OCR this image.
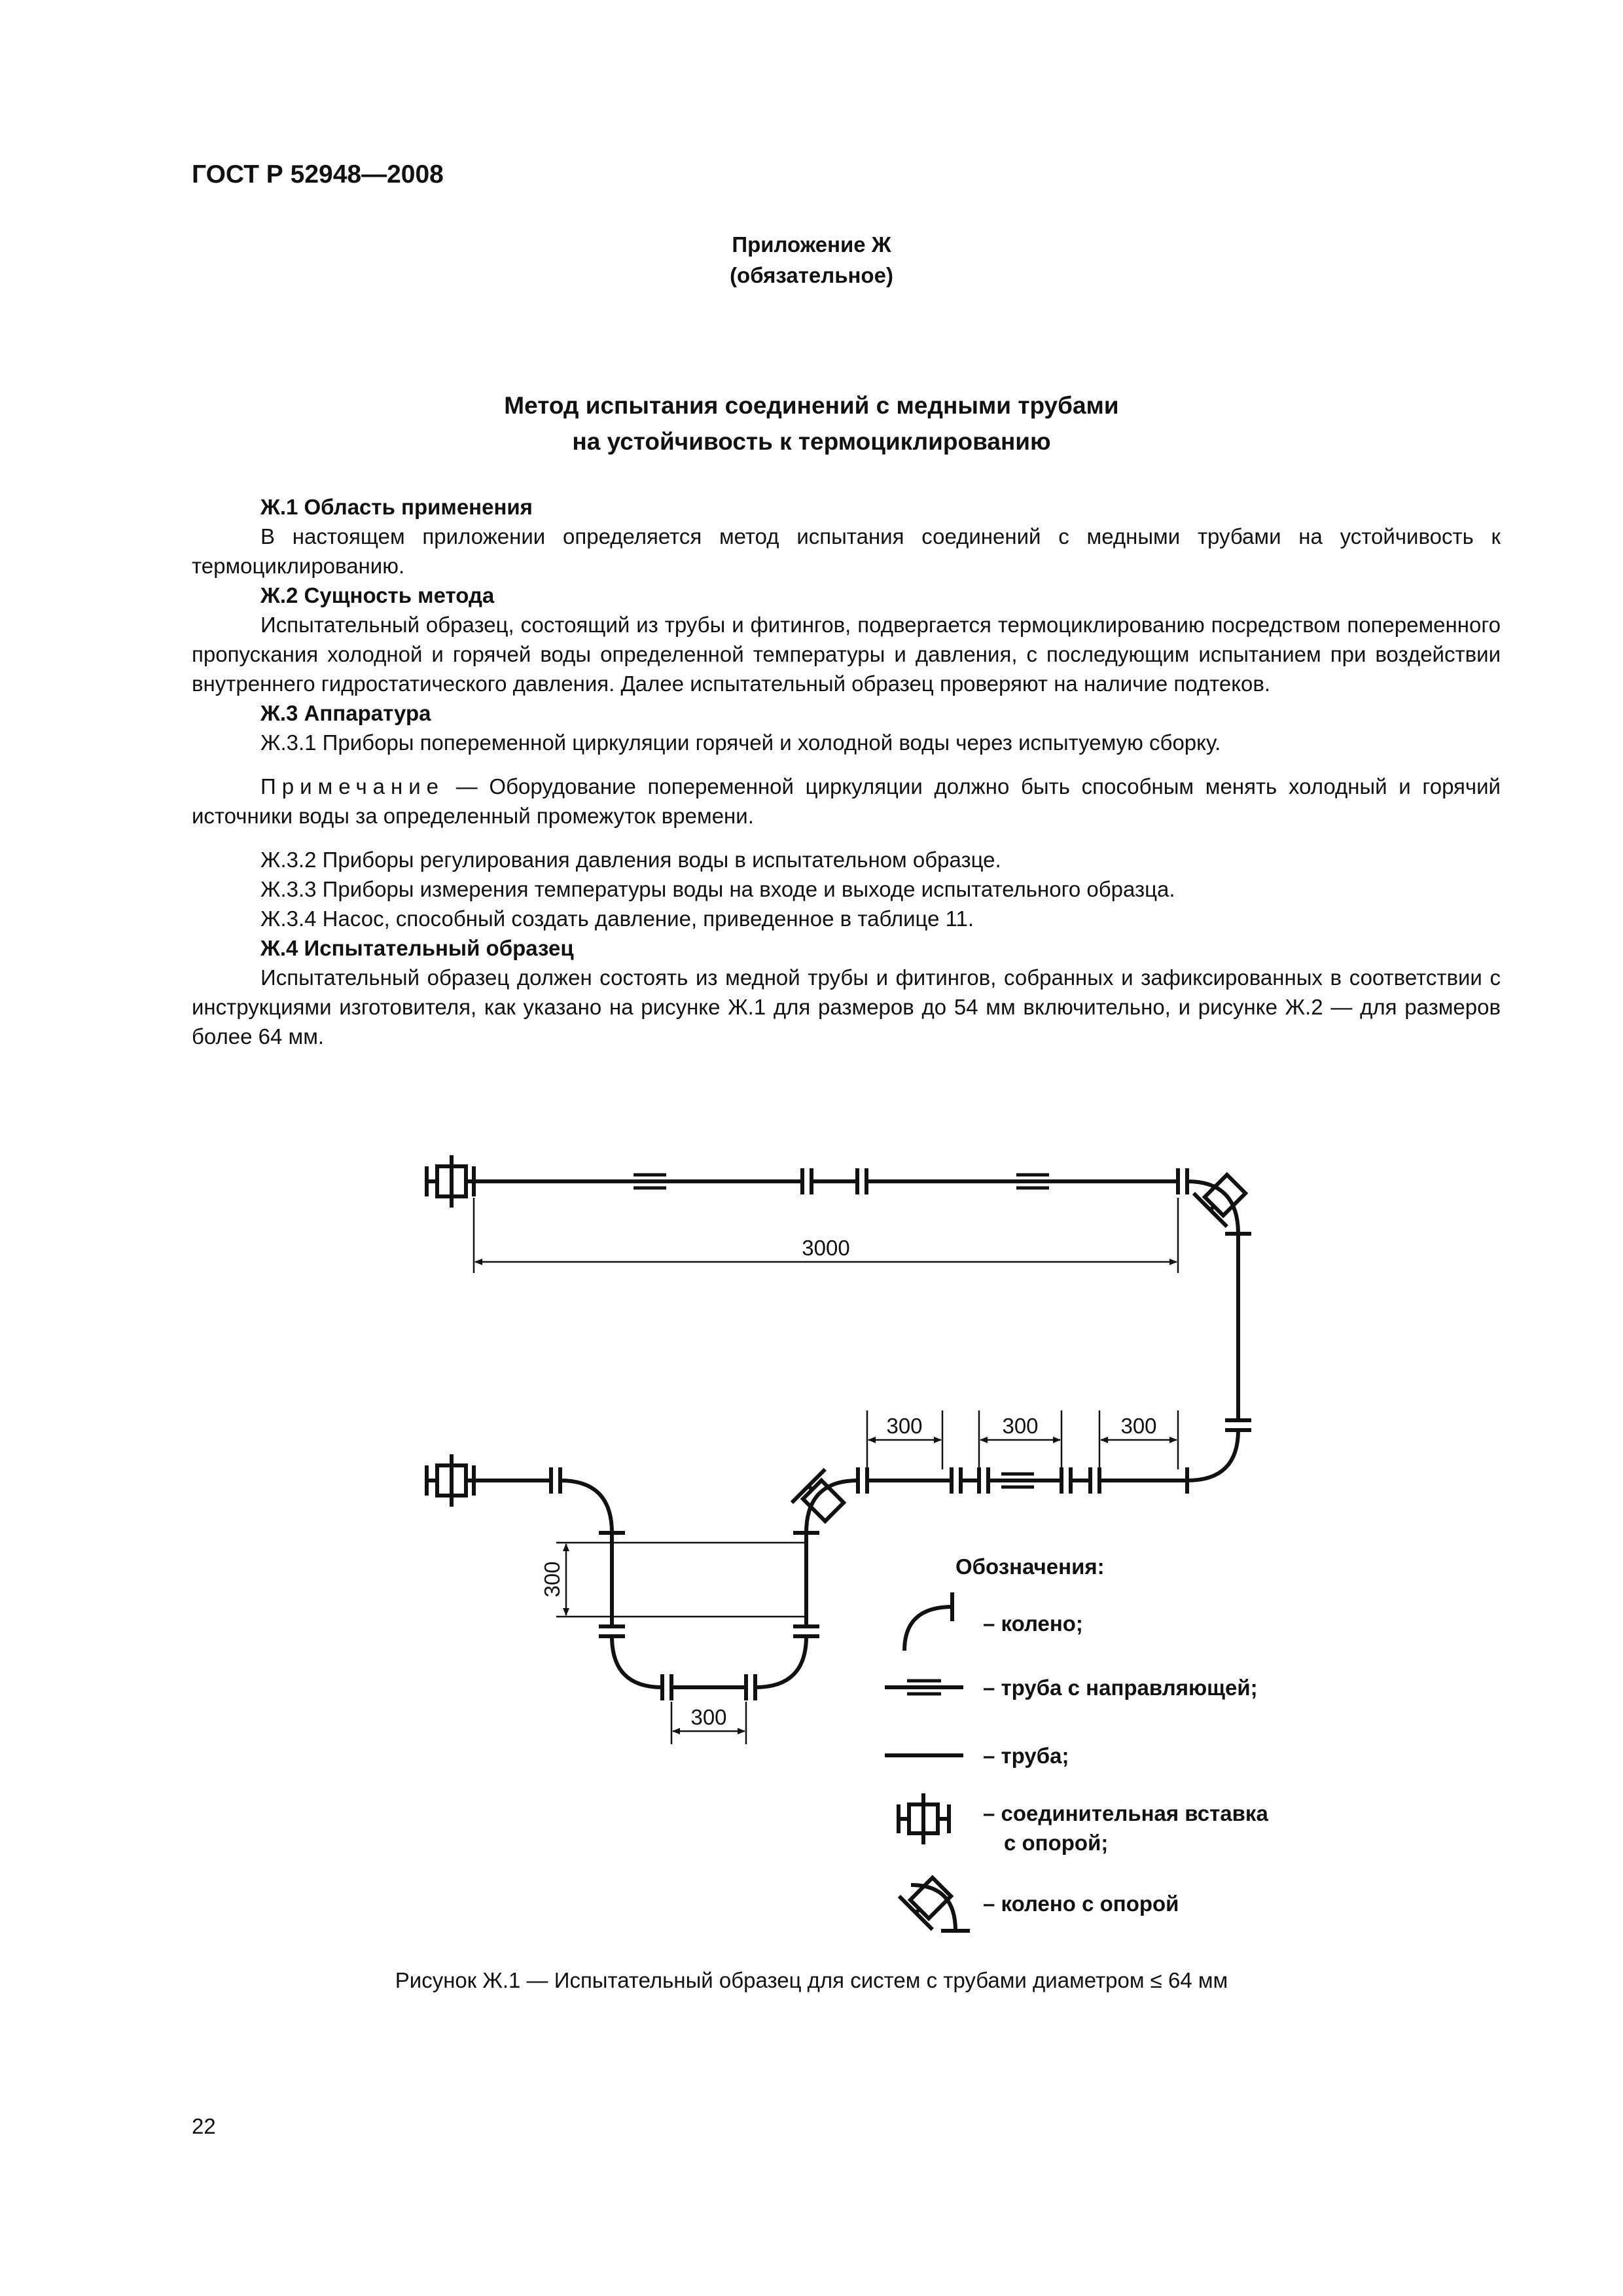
ГОСТ Р 52948—2008
Приложение Ж
(обязательное)
Метод испытания соединений с медными трубами
на устойчивость к термоциклированию

Ж.1 Область применения

В настоящем приложении определяется метод испытания соединений с медными трубами на устойчивость к термоциклированию.

Ж.2 Сущность метода

Испытательный образец, состоящий из трубы и фитингов, подвергается термоциклированию посредством попеременного пропускания холодной и горячей воды определенной температуры и давления, с последующим испытанием при воздействии внутреннего гидростатического давления. Далее испытательный образец проверяют на наличие подтеков.

Ж.3 Аппаратура

Ж.3.1 Приборы попеременной циркуляции горячей и холодной воды через испытуемую сборку.

Примечание — Оборудование попеременной циркуляции должно быть способным менять холодный и горячий источники воды за определенный промежуток времени.

Ж.3.2 Приборы регулирования давления воды в испытательном образце.

Ж.3.3 Приборы измерения температуры воды на входе и выходе испытательного образца.

Ж.3.4 Насос, способный создать давление, приведенное в таблице 11.

Ж.4 Испытательный образец

Испытательный образец должен состоять из медной трубы и фитингов, собранных и зафиксированных в соответствии с инструкциями изготовителя, как указано на рисунке Ж.1 для размеров до 54 мм включительно, и рисунке Ж.2 — для размеров более 64 мм.

3000
300	300	300
300
300
Обозначения:
– колено;
– труба с направляющей;
– труба;
– соединительная вставка
с опорой;
– колено с опорой
Рисунок Ж.1 — Испытательный образец для систем с трубами диаметром ≤ 64 мм
22
